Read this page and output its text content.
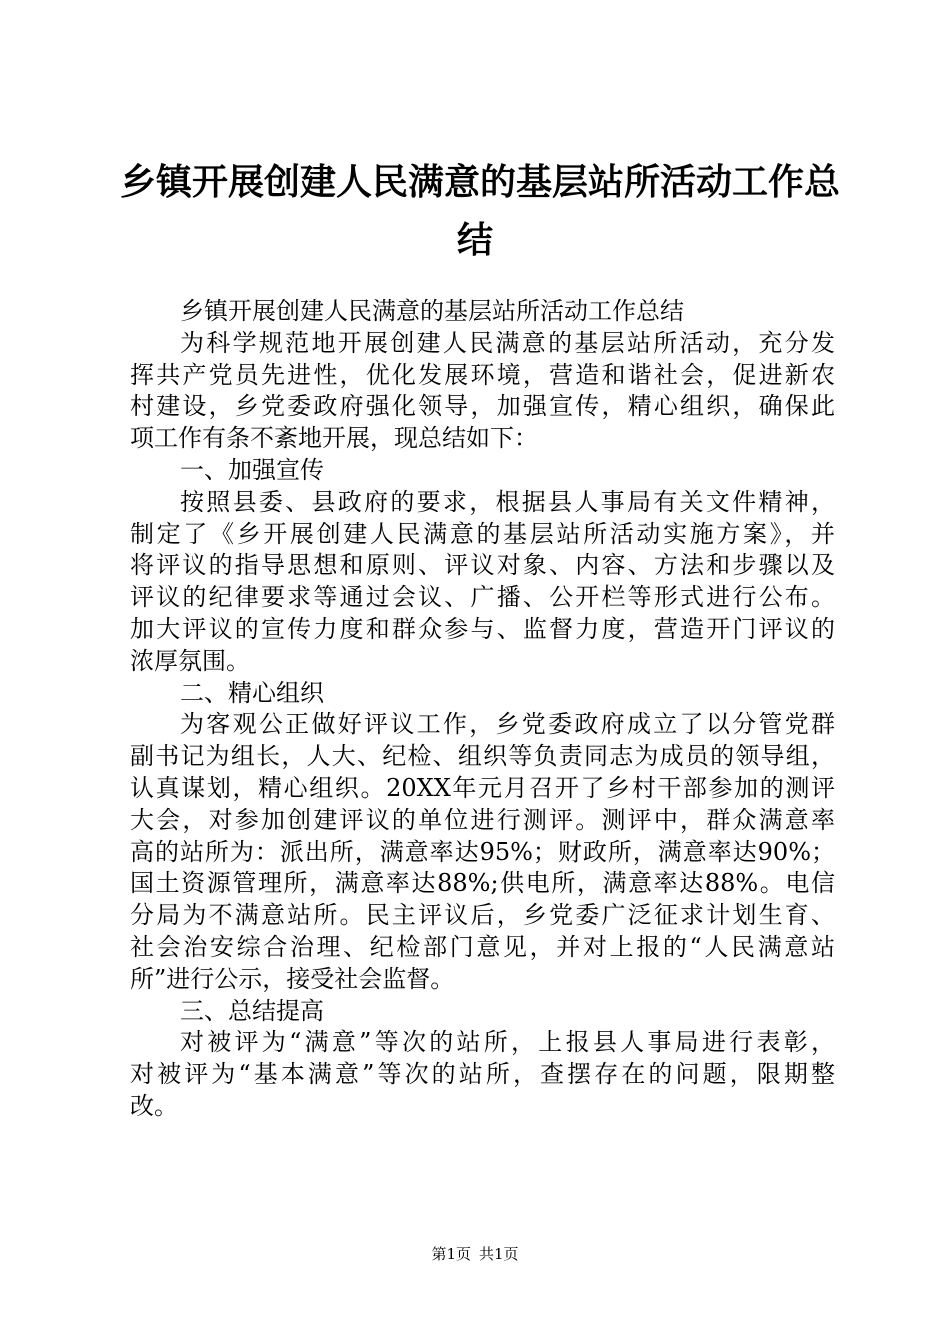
乡镇开展创建人民满意的基层站所活动工作总
结
乡镇开展创建人民满意的基层站所活动工作总结
为科学规范地开展创建人民满意的基层站所活动，充分发
挥共产党员先进性，优化发展环境，营造和谐社会，促进新农
村建设，乡党委政府强化领导，加强宣传，精心组织，确保此
项工作有条不紊地开展，现总结如下：
一、加强宣传
按照县委、县政府的要求，根据县人事局有关文件精神，
制定了《乡开展创建人民满意的基层站所活动实施方案》，并
将评议的指导思想和原则、评议对象、内容、方法和步骤以及
评议的纪律要求等通过会议、广播、公开栏等形式进行公布。
加大评议的宣传力度和群众参与、监督力度，营造开门评议的
浓厚氛围。
二、精心组织
为客观公正做好评议工作，乡党委政府成立了以分管党群
副书记为组长，人大、纪检、组织等负责同志为成员的领导组，
认真谋划，精心组织。20XX年元月召开了乡村干部参加的测评
大会，对参加创建评议的单位进行测评。测评中，群众满意率
高的站所为：派出所，满意率达95%；财政所，满意率达90%；
国土资源管理所，满意率达88%;供电所，满意率达88%。电信
分局为不满意站所。民主评议后，乡党委广泛征求计划生育、
社会治安综合治理、纪检部门意见，并对上报的“人民满意站
所”进行公示，接受社会监督。
三、总结提高
对被评为“满意”等次的站所，上报县人事局进行表彰，
对被评为“基本满意”等次的站所，查摆存在的问题，限期整
改。
第1页 共1页
